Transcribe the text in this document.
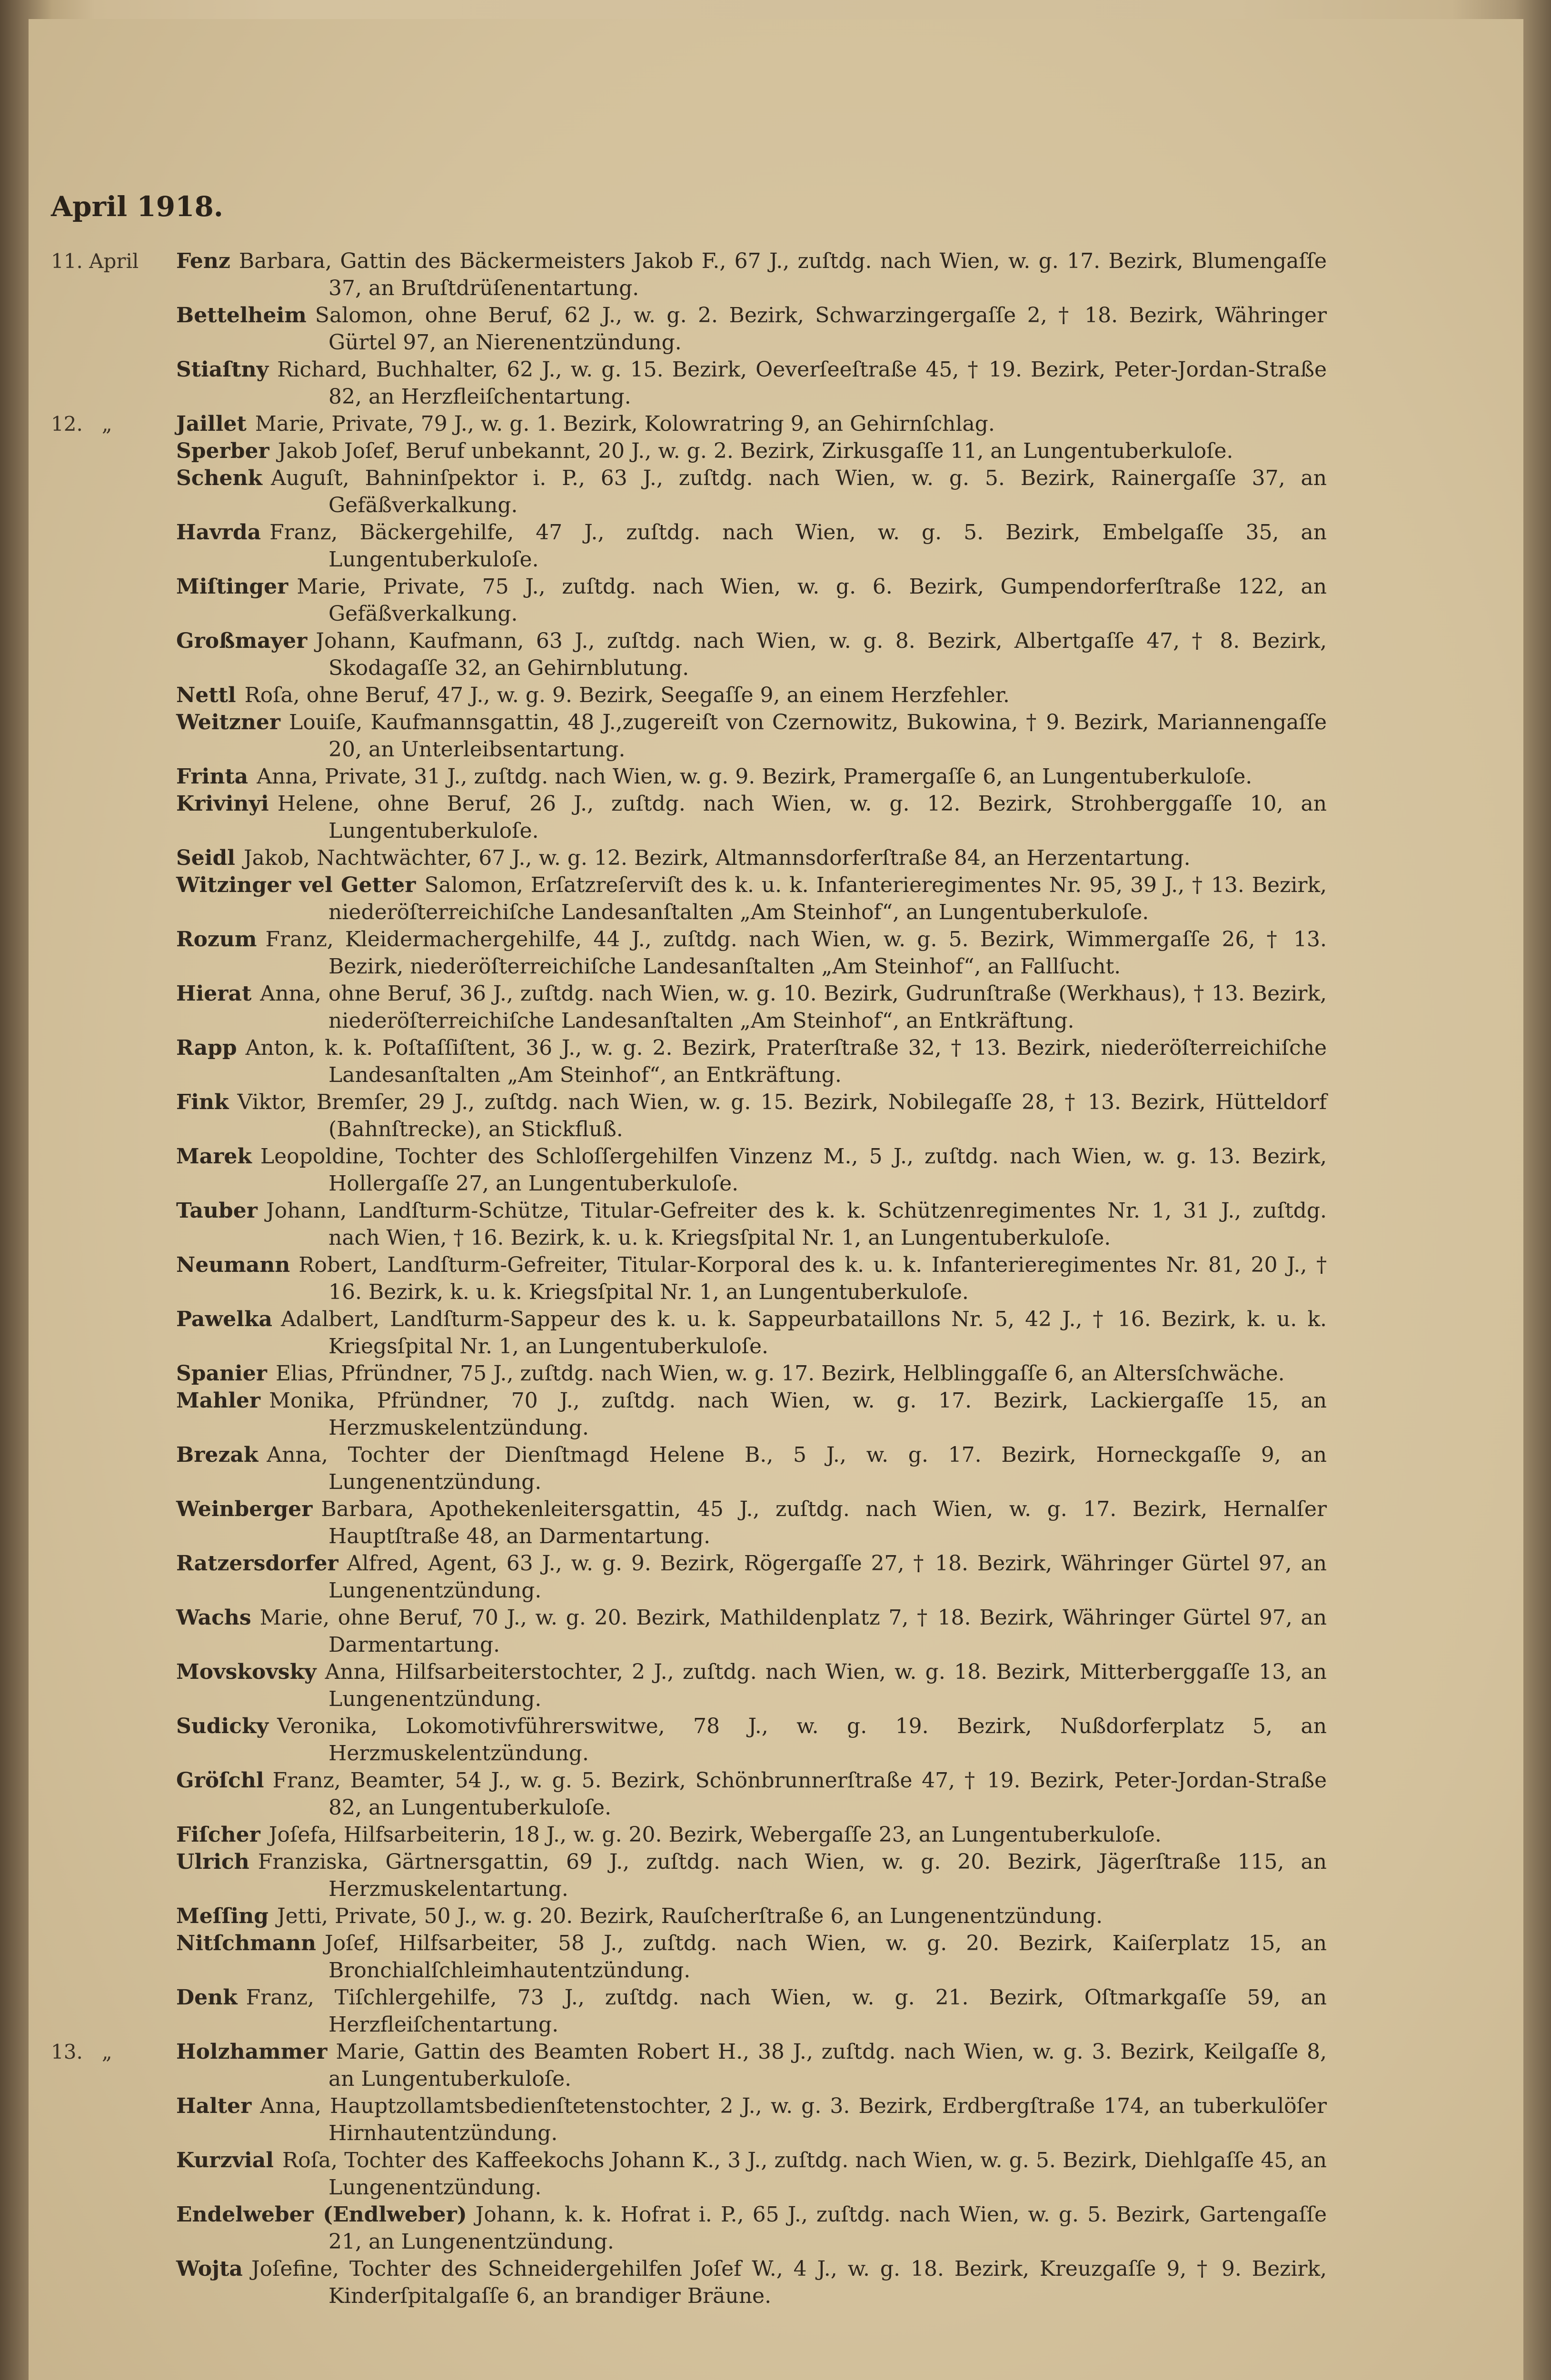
April 1918.
11. April	Fenz Barbara, Gattin des Bäckermeisters Jakob F., 67 J., zuſtdg. nach Wien, w. g. 17. Bezirk, Blumengaſſe 37, an Bruſtdrüſenentartung.

Bettelheim Salomon, ohne Beruf, 62 J., w. g. 2. Bezirk, Schwarzingergaſſe 2, † 18. Bezirk, Währinger Gürtel 97, an Nierenentzündung.

Stiaſtny Richard, Buchhalter, 62 J., w. g. 15. Bezirk, Oeverſeeſtraße 45, † 19. Bezirk, Peter-Jordan-Straße 82, an Herzfleiſchentartung.

12.   „	Jaillet Marie, Private, 79 J., w. g. 1. Bezirk, Kolowratring 9, an Gehirnſchlag.

Sperber Jakob Joſef, Beruf unbekannt, 20 J., w. g. 2. Bezirk, Zirkusgaſſe 11, an Lungentuberkuloſe.

Schenk Auguſt, Bahninſpektor i. P., 63 J., zuſtdg. nach Wien, w. g. 5. Bezirk, Rainergaſſe 37, an Gefäßverkalkung.

Havrda Franz, Bäckergehilfe, 47 J., zuſtdg. nach Wien, w. g. 5. Bezirk, Embelgaſſe 35, an Lungentuberkuloſe.

Miſtinger Marie, Private, 75 J., zuſtdg. nach Wien, w. g. 6. Bezirk, Gumpendorferſtraße 122, an Gefäßverkalkung.

Großmayer Johann, Kaufmann, 63 J., zuſtdg. nach Wien, w. g. 8. Bezirk, Albertgaſſe 47, † 8. Bezirk, Skodagaſſe 32, an Gehirnblutung.

Nettl Roſa, ohne Beruf, 47 J., w. g. 9. Bezirk, Seegaſſe 9, an einem Herzfehler.

Weitzner Louiſe, Kaufmannsgattin, 48 J.,zugereiſt von Czernowitz, Bukowina, † 9. Bezirk, Mariannengaſſe 20, an Unterleibsentartung.

Frinta Anna, Private, 31 J., zuſtdg. nach Wien, w. g. 9. Bezirk, Pramergaſſe 6, an Lungentuberkuloſe.

Krivinyi Helene, ohne Beruf, 26 J., zuſtdg. nach Wien, w. g. 12. Bezirk, Strohberggaſſe 10, an Lungentuberkuloſe.

Seidl Jakob, Nachtwächter, 67 J., w. g. 12. Bezirk, Altmannsdorferſtraße 84, an Herzentartung.

Witzinger vel Getter Salomon, Erſatzreſerviſt des k. u. k. Infanterieregimentes Nr. 95, 39 J., † 13. Bezirk, niederöſterreichiſche Landesanſtalten „Am Steinhof“, an Lungentuberkuloſe.

Rozum Franz, Kleidermachergehilfe, 44 J., zuſtdg. nach Wien, w. g. 5. Bezirk, Wimmergaſſe 26, † 13. Bezirk, niederöſterreichiſche Landesanſtalten „Am Steinhof“, an Fallſucht.

Hierat Anna, ohne Beruf, 36 J., zuſtdg. nach Wien, w. g. 10. Bezirk, Gudrunſtraße (Werkhaus), † 13. Bezirk, niederöſterreichiſche Landesanſtalten „Am Steinhof“, an Entkräftung.

Rapp Anton, k. k. Poſtaſſiſtent, 36 J., w. g. 2. Bezirk, Praterſtraße 32, † 13. Bezirk, niederöſterreichiſche Landesanſtalten „Am Steinhof“, an Entkräftung.

Fink Viktor, Bremſer, 29 J., zuſtdg. nach Wien, w. g. 15. Bezirk, Nobilegaſſe 28, † 13. Bezirk, Hütteldorf (Bahnſtrecke), an Stickfluß.

Marek Leopoldine, Tochter des Schloſſergehilfen Vinzenz M., 5 J., zuſtdg. nach Wien, w. g. 13. Bezirk, Hollergaſſe 27, an Lungentuberkuloſe.

Tauber Johann, Landſturm-Schütze, Titular-Gefreiter des k. k. Schützenregimentes Nr. 1, 31 J., zuſtdg. nach Wien, † 16. Bezirk, k. u. k. Kriegsſpital Nr. 1, an Lungentuberkuloſe.

Neumann Robert, Landſturm-Gefreiter, Titular-Korporal des k. u. k. Infanterieregimentes Nr. 81, 20 J., † 16. Bezirk, k. u. k. Kriegsſpital Nr. 1, an Lungentuberkuloſe.

Pawelka Adalbert, Landſturm-Sappeur des k. u. k. Sappeurbataillons Nr. 5, 42 J., † 16. Bezirk, k. u. k. Kriegsſpital Nr. 1, an Lungentuberkuloſe.

Spanier Elias, Pfründner, 75 J., zuſtdg. nach Wien, w. g. 17. Bezirk, Helblinggaſſe 6, an Altersſchwäche.

Mahler Monika, Pfründner, 70 J., zuſtdg. nach Wien, w. g. 17. Bezirk, Lackiergaſſe 15, an Herzmuskelentzündung.

Brezak Anna, Tochter der Dienſtmagd Helene B., 5 J., w. g. 17. Bezirk, Horneckgaſſe 9, an Lungenentzündung.

Weinberger Barbara, Apothekenleitersgattin, 45 J., zuſtdg. nach Wien, w. g. 17. Bezirk, Hernalſer Hauptſtraße 48, an Darmentartung.

Ratzersdorfer Alfred, Agent, 63 J., w. g. 9. Bezirk, Rögergaſſe 27, † 18. Bezirk, Währinger Gürtel 97, an Lungenentzündung.

Wachs Marie, ohne Beruf, 70 J., w. g. 20. Bezirk, Mathildenplatz 7, † 18. Bezirk, Währinger Gürtel 97, an Darmentartung.

Movskovsky Anna, Hilfsarbeiterstochter, 2 J., zuſtdg. nach Wien, w. g. 18. Bezirk, Mitterberggaſſe 13, an Lungenentzündung.

Sudicky Veronika, Lokomotivführerswitwe, 78 J., w. g. 19. Bezirk, Nußdorferplatz 5, an Herzmuskelentzündung.

Gröſchl Franz, Beamter, 54 J., w. g. 5. Bezirk, Schönbrunnerſtraße 47, † 19. Bezirk, Peter-Jordan-Straße 82, an Lungentuberkuloſe.

Fiſcher Joſefa, Hilfsarbeiterin, 18 J., w. g. 20. Bezirk, Webergaſſe 23, an Lungentuberkuloſe.

Ulrich Franziska, Gärtnersgattin, 69 J., zuſtdg. nach Wien, w. g. 20. Bezirk, Jägerſtraße 115, an Herzmuskelentartung.

Meſſing Jetti, Private, 50 J., w. g. 20. Bezirk, Rauſcherſtraße 6, an Lungenentzündung.

Nitſchmann Joſef, Hilfsarbeiter, 58 J., zuſtdg. nach Wien, w. g. 20. Bezirk, Kaiſerplatz 15, an Bronchialſchleimhautentzündung.

Denk Franz, Tiſchlergehilfe, 73 J., zuſtdg. nach Wien, w. g. 21. Bezirk, Oſtmarkgaſſe 59, an Herzfleiſchentartung.

13.   „	Holzhammer Marie, Gattin des Beamten Robert H., 38 J., zuſtdg. nach Wien, w. g. 3. Bezirk, Keilgaſſe 8, an Lungentuberkuloſe.

Halter Anna, Hauptzollamtsbedienſtetenstochter, 2 J., w. g. 3. Bezirk, Erdbergſtraße 174, an tuberkulöſer Hirnhautentzündung.

Kurzvial Roſa, Tochter des Kaffeekochs Johann K., 3 J., zuſtdg. nach Wien, w. g. 5. Bezirk, Diehlgaſſe 45, an Lungenentzündung.

Endelweber (Endlweber) Johann, k. k. Hofrat i. P., 65 J., zuſtdg. nach Wien, w. g. 5. Bezirk, Gartengaſſe 21, an Lungenentzündung.

Wojta Joſefine, Tochter des Schneidergehilfen Joſef W., 4 J., w. g. 18. Bezirk, Kreuzgaſſe 9, † 9. Bezirk, Kinderſpitalgaſſe 6, an brandiger Bräune.
